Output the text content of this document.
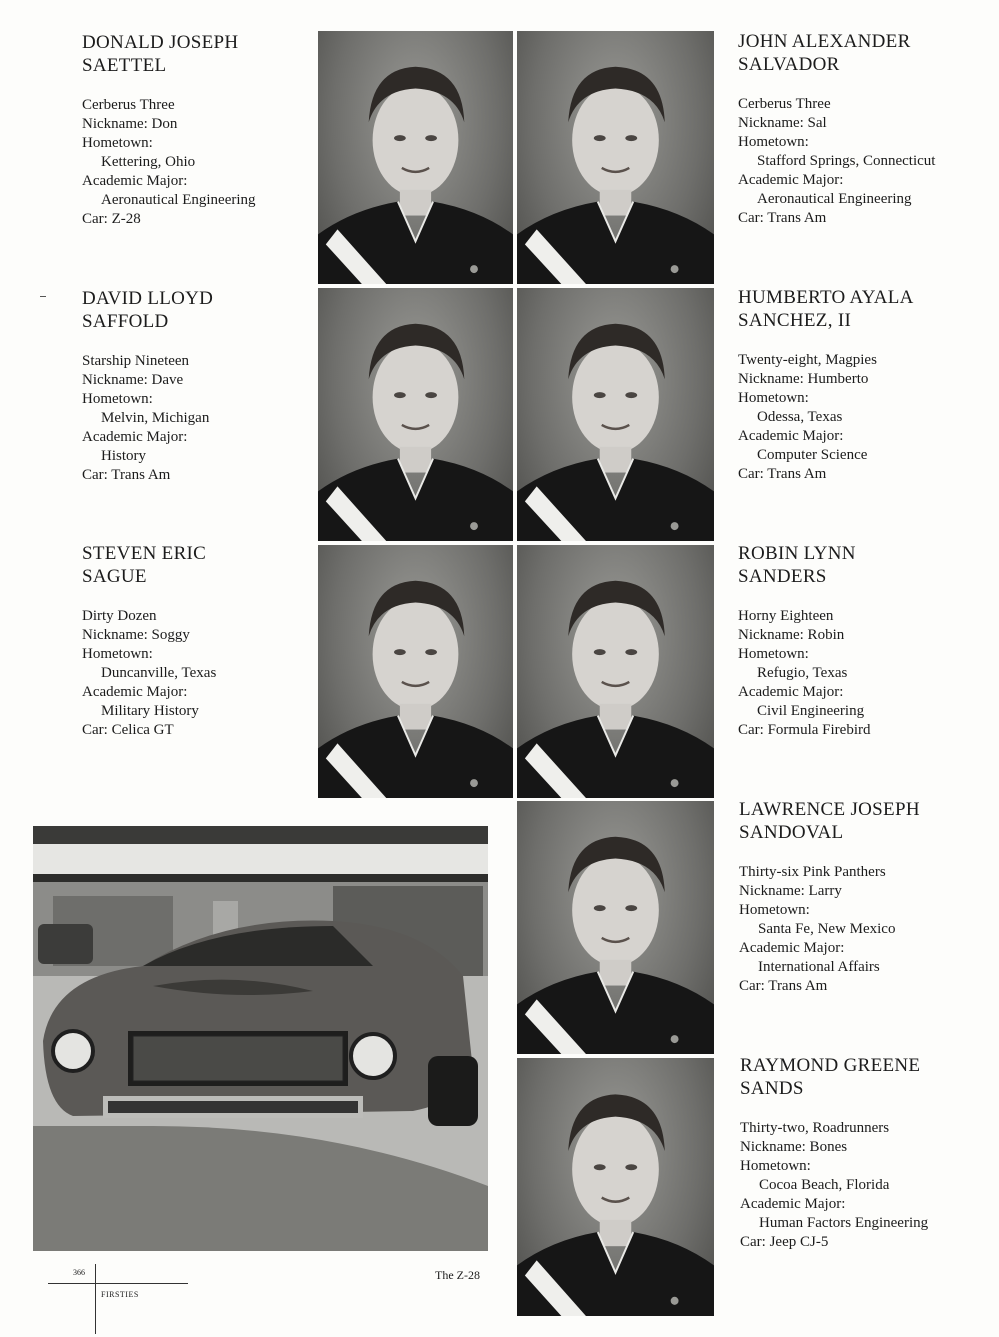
DONALD JOSEPH
SAETTEL
Cerberus Three
Nickname: Don
Hometown:
Kettering, Ohio
Academic Major:
Aeronautical Engineering
Car: Z-28
JOHN ALEXANDER
SALVADOR
Cerberus Three
Nickname: Sal
Hometown:
Stafford Springs, Connecticut
Academic Major:
Aeronautical Engineering
Car: Trans Am
DAVID LLOYD
SAFFOLD
Starship Nineteen
Nickname: Dave
Hometown:
Melvin, Michigan
Academic Major:
History
Car: Trans Am
HUMBERTO AYALA
SANCHEZ, II
Twenty-eight, Magpies
Nickname: Humberto
Hometown:
Odessa, Texas
Academic Major:
Computer Science
Car: Trans Am
STEVEN ERIC
SAGUE
Dirty Dozen
Nickname: Soggy
Hometown:
Duncanville, Texas
Academic Major:
Military History
Car: Celica GT
ROBIN LYNN
SANDERS
Horny Eighteen
Nickname: Robin
Hometown:
Refugio, Texas
Academic Major:
Civil Engineering
Car: Formula Firebird
LAWRENCE JOSEPH
SANDOVAL
Thirty-six Pink Panthers
Nickname: Larry
Hometown:
Santa Fe, New Mexico
Academic Major:
International Affairs
Car: Trans Am
RAYMOND GREENE
SANDS
Thirty-two, Roadrunners
Nickname: Bones
Hometown:
Cocoa Beach, Florida
Academic Major:
Human Factors Engineering
Car: Jeep CJ-5
The Z-28
366
FIRSTIES
